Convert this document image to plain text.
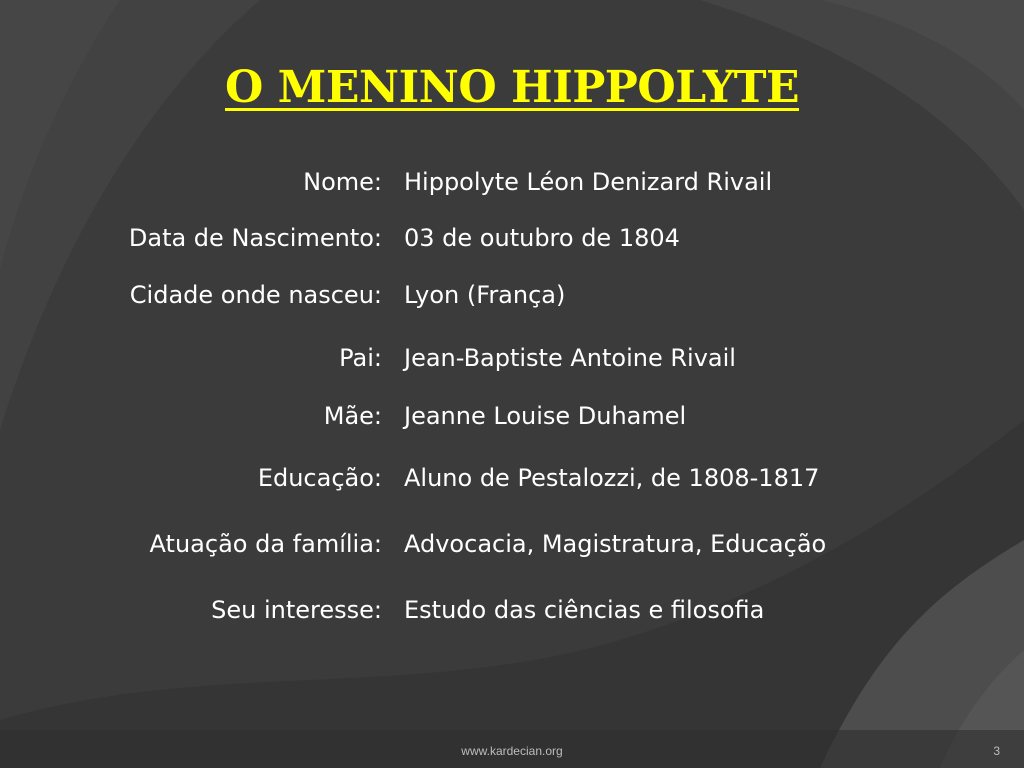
O MENINO HIPPOLYTE
Nome: Hippolyte Léon Denizard Rivail
Data de Nascimento: 03 de outubro de 1804
Cidade onde nasceu: Lyon (França)
Pai: Jean-Baptiste Antoine Rivail
Mãe: Jeanne Louise Duhamel
Educação: Aluno de Pestalozzi, de 1808-1817
Atuação da família: Advocacia, Magistratura, Educação
Seu interesse: Estudo das ciências e filosofia
www.kardecian.org	3
